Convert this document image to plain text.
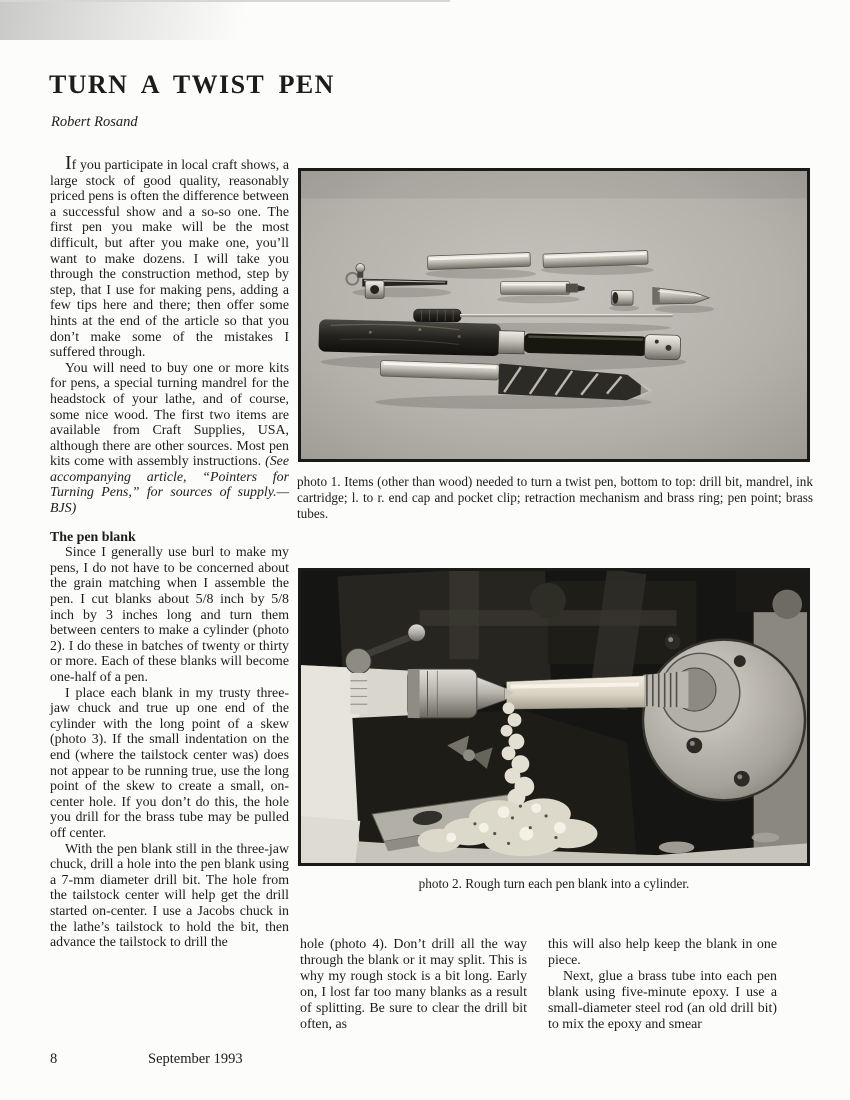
TURN A TWIST PEN
Robert Rosand

If you participate in local craft shows, a large stock of good quality, reasonably priced pens is often the difference between a successful show and a so-so one. The first pen you make will be the most difficult, but after you make one, you’ll want to make dozens. I will take you through the construction method, step by step, that I use for making pens, adding a few tips here and there; then offer some hints at the end of the article so that you don’t make some of the mistakes I suffered through.

You will need to buy one or more kits for pens, a special turning mandrel for the headstock of your lathe, and of course, some nice wood. The first two items are available from Craft Supplies, USA, although there are other sources. Most pen kits come with assembly instructions. (See accompanying article, “Pointers for Turning Pens,” for sources of supply.—BJS)

The pen blank

Since I generally use burl to make my pens, I do not have to be concerned about the grain matching when I assemble the pen. I cut blanks about 5/8 inch by 5/8 inch by 3 inches long and turn them between centers to make a cylinder (photo 2). I do these in batches of twenty or thirty or more. Each of these blanks will become one-half of a pen.

I place each blank in my trusty three-jaw chuck and true up one end of the cylinder with the long point of a skew (photo 3). If the small indentation on the end (where the tailstock center was) does not appear to be running true, use the long point of the skew to create a small, on-center hole. If you don’t do this, the hole you drill for the brass tube may be pulled off center.

With the pen blank still in the three-jaw chuck, drill a hole into the pen blank using a 7-mm diameter drill bit. The hole from the tailstock center will help get the drill started on-center. I use a Jacobs chuck in the lathe’s tailstock to hold the bit, then advance the tailstock to drill the

photo 1. Items (other than wood) needed to turn a twist pen, bottom to top: drill bit, mandrel, ink cartridge; l. to r. end cap and pocket clip; retraction mechanism and brass ring; pen point; brass tubes.
photo 2. Rough turn each pen blank into a cylinder.

hole (photo 4). Don’t drill all the way through the blank or it may split. This is why my rough stock is a bit long. Early on, I lost far too many blanks as a result of splitting. Be sure to clear the drill bit often, as

this will also help keep the blank in one piece.

Next, glue a brass tube into each pen blank using five-minute epoxy. I use a small-diameter steel rod (an old drill bit) to mix the epoxy and smear

8	September 1993
